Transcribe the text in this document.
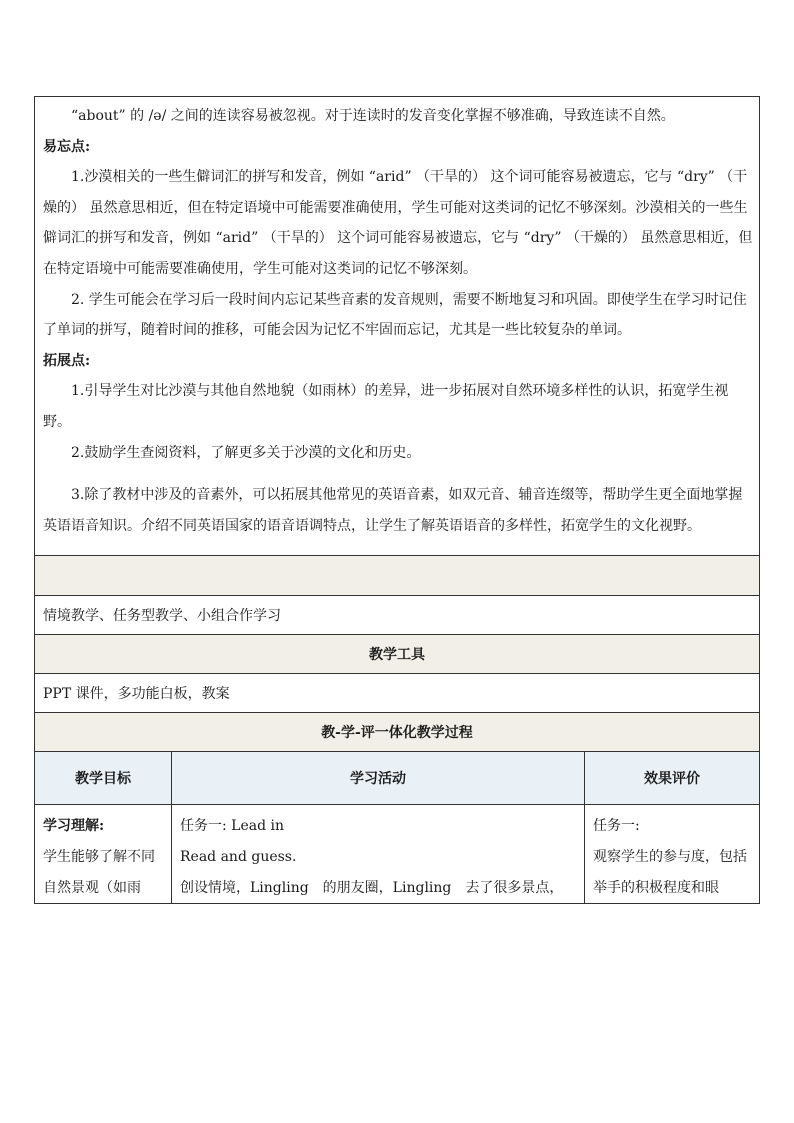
“about” 的 /ə/ 之间的连读容易被忽视。对于连读时的发音变化掌握不够准确，导致连读不自然。

易忘点:

1.沙漠相关的一些生僻词汇的拼写和发音，例如 “arid” （干旱的） 这个词可能容易被遗忘，它与 “dry” （干燥的） 虽然意思相近，但在特定语境中可能需要准确使用，学生可能对这类词的记忆不够深刻。沙漠相关的一些生僻词汇的拼写和发音，例如 “arid” （干旱的） 这个词可能容易被遗忘，它与 “dry” （干燥的） 虽然意思相近，但在特定语境中可能需要准确使用，学生可能对这类词的记忆不够深刻。

2. 学生可能会在学习后一段时间内忘记某些音素的发音规则，需要不断地复习和巩固。即使学生在学习时记住了单词的拼写，随着时间的推移，可能会因为记忆不牢固而忘记，尤其是一些比较复杂的单词。

拓展点:

1.引导学生对比沙漠与其他自然地貌（如雨林）的差异，进一步拓展对自然环境多样性的认识，拓宽学生视野。

2.鼓励学生查阅资料，了解更多关于沙漠的文化和历史。

3.除了教材中涉及的音素外，可以拓展其他常见的英语音素，如双元音、辅音连缀等，帮助学生更全面地掌握英语语音知识。介绍不同英语国家的语音语调特点，让学生了解英语语音的多样性，拓宽学生的文化视野。

情境教学、任务型教学、小组合作学习
教学工具
PPT 课件，多功能白板，教案
教-学-评一体化教学过程
教学目标	学习活动	效果评价
学习理解:
学生能够了解不同自然景观（如雨
任务一: Lead in
Read and guess.
创设情境，Lingling　的朋友圈，Lingling　去了很多景点，
任务一:
观察学生的参与度，包括举手的积极程度和眼
